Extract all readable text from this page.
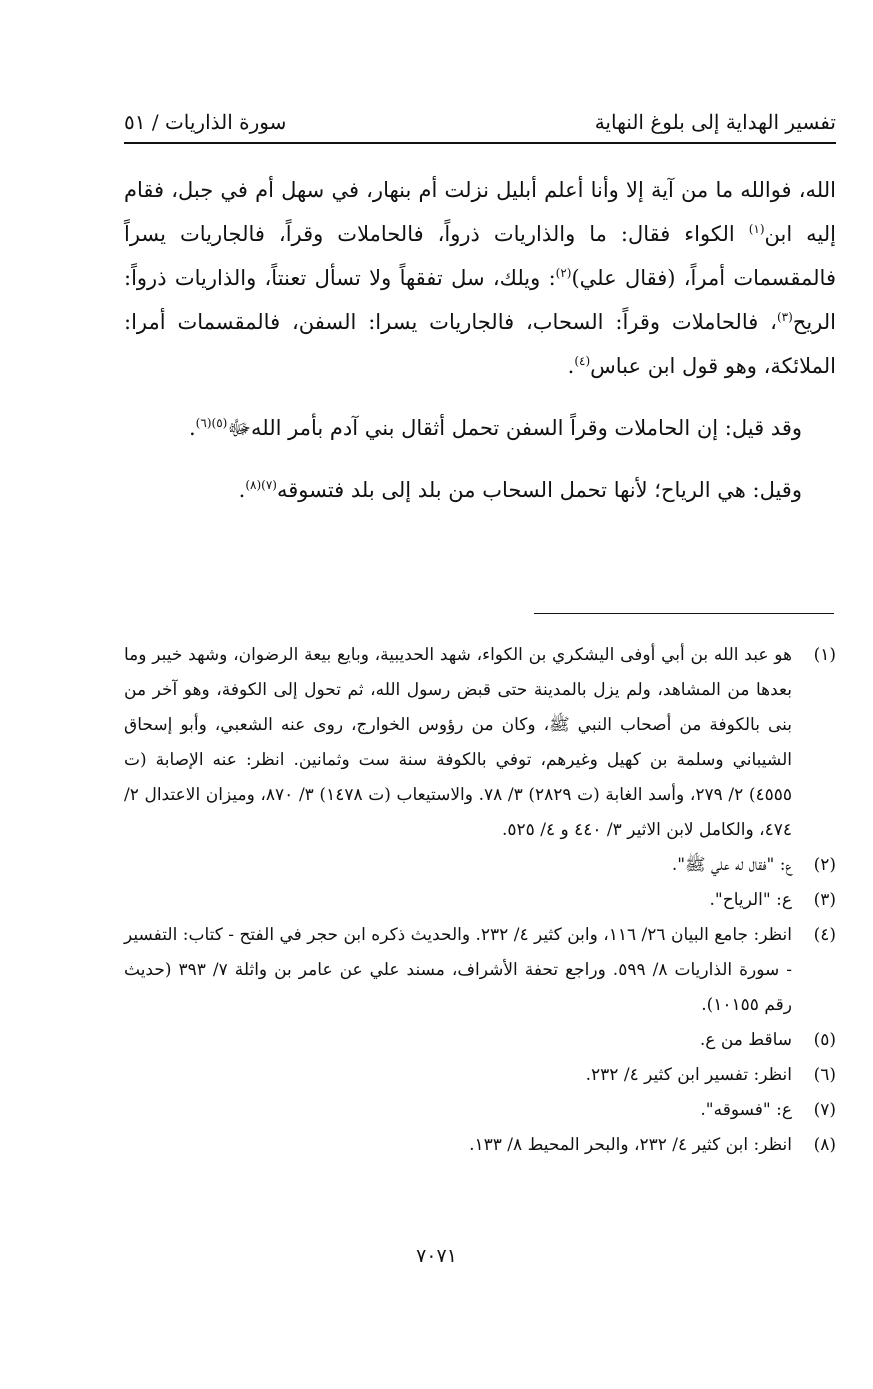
تفسير الهداية إلى بلوغ النهاية
سورة الذاريات / ٥١

الله، فوالله ما من آية إلا وأنا أعلم أبليل نزلت أم بنهار، في سهل أم في جبل، فقام إليه ابن$^{(١)}$ الكواء فقال: ما والذاريات ذرواً، فالحاملات وقراً، فالجاريات يسراً فالمقسمات أمراً، (فقال علي)$^{(٢)}$: ويلك، سل تفقهاً ولا تسأل تعنتاً، والذاريات ذرواً: الريح$^{(٣)}$، فالحاملات وقراً: السحاب، فالجاريات يسرا: السفن، فالمقسمات أمرا: الملائكة، وهو قول ابن عباس$^{(٤)}$.

وقد قيل: إن الحاملات وقراً السفن تحمل أثقال بني آدم بأمر اللهﷻ$^{(٥)(٦)}$.

وقيل: هي الرياح؛ لأنها تحمل السحاب من بلد إلى بلد فتسوقه$^{(٧)(٨)}$.

(١)
هو عبد الله بن أبي أوفى اليشكري بن الكواء، شهد الحديبية، وبايع بيعة الرضوان، وشهد خيبر وما بعدها من المشاهد، ولم يزل بالمدينة حتى قبض رسول الله، ثم تحول إلى الكوفة، وهو آخر من بنى بالكوفة من أصحاب النبي ﷺ، وكان من رؤوس الخوارج، روى عنه الشعبي، وأبو إسحاق الشيباني وسلمة بن كهيل وغيرهم، توفي بالكوفة سنة ست وثمانين. انظر: عنه الإصابة (ت ٤٥٥٥) ٢/ ٢٧٩، وأسد الغابة (ت ٢٨٢٩) ٣/ ٧٨. والاستيعاب (ت ١٤٧٨) ٣/ ٨٧٠، وميزان الاعتدال ٢/ ٤٧٤، والكامل لابن الاثير ٣/ ٤٤٠ و ٤/ ٥٢٥.
(٢)
ع: "فقال له علي ﷺ".
(٣)
ع: "الرياح".
(٤)
انظر: جامع البيان ٢٦/ ١١٦، وابن كثير ٤/ ٢٣٢. والحديث ذكره ابن حجر في الفتح - كتاب: التفسير - سورة الذاريات ٨/ ٥٩٩. وراجع تحفة الأشراف، مسند علي عن عامر بن واثلة ٧/ ٣٩٣ (حديث رقم ١٠١٥٥).
(٥)
ساقط من ع.
(٦)
انظر: تفسير ابن كثير ٤/ ٢٣٢.
(٧)
ع: "فسوقه".
(٨)
انظر: ابن كثير ٤/ ٢٣٢، والبحر المحيط ٨/ ١٣٣.
٧٠٧١
